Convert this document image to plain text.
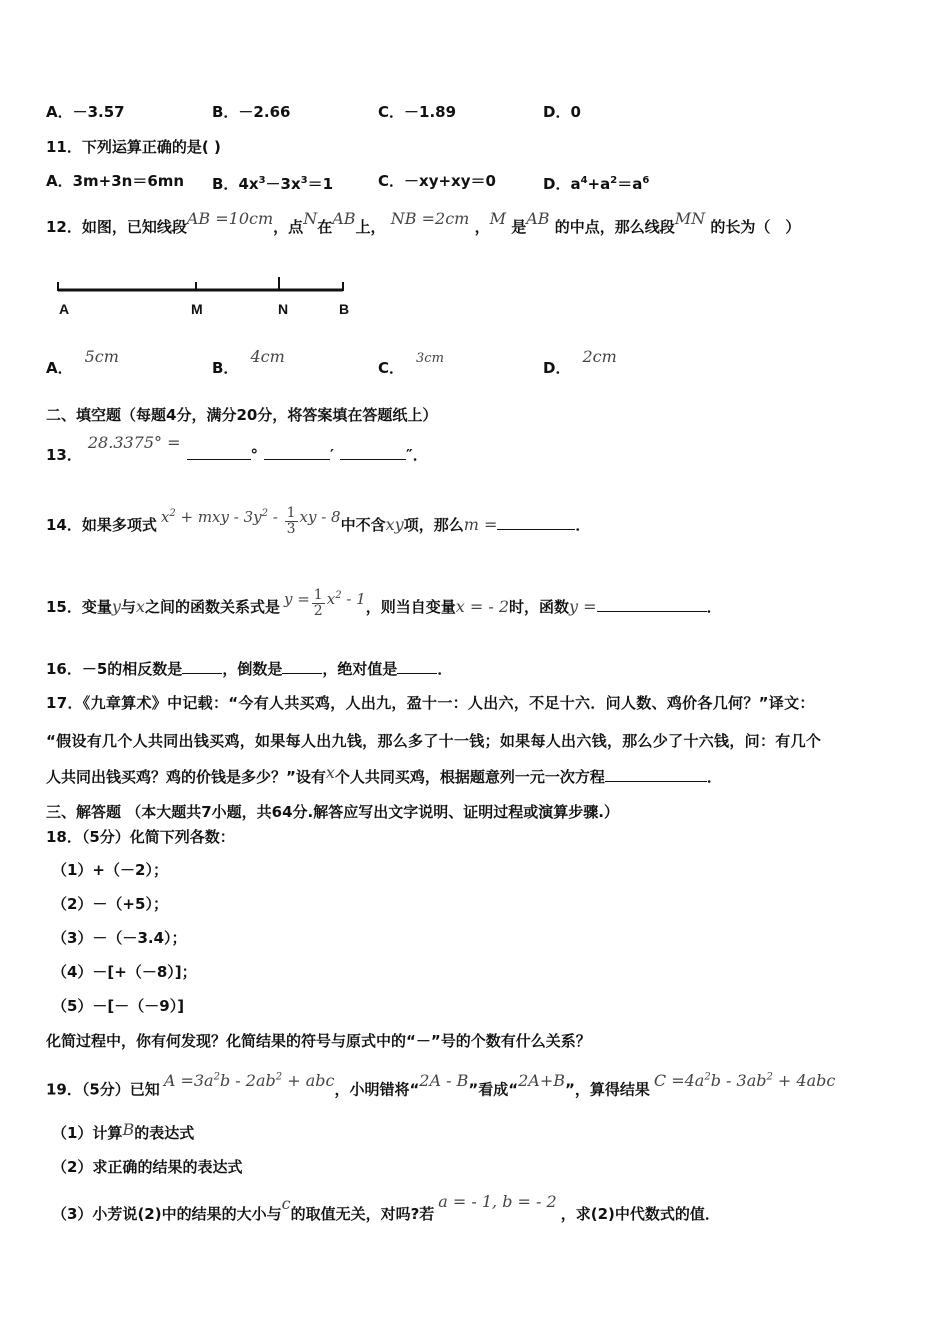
A．－3.57	B．－2.66	C．－1.89	D．0
11．下列运算正确的是( )
A．3m+3n＝6mn B．$4x^3-3x^3=1$	C．－xy+xy＝0	D．$a^4+a^2=a^6$
12．如图，已知线段AB =10cm，点N在AB上， NB =2cm ，M 是AB 的中点，那么线段MN 的长为（　）
A	M	N	B
A．5cm
B．4cm
C．3cm
D．2cm
二、填空题（每题4分，满分20分，将答案填在答题纸上）
13．28.3375° =°	′	″．
14．如果多项式 $x^2$ + mxy - $3y^2 - \frac{1}{3}$ xy - 8中不含xy项，那么m =	．
15．变量y与x之间的函数关系式是 $y = \frac{1}{2} x^2 - 1$，则当自变量x = - 2时，函数y =	．
16．－5的相反数是	，倒数是	，绝对值是	．
17．《九章算术》中记载：“今有人共买鸡，人出九，盈十一：人出六，不足十六．问人数、鸡价各几何？”译文：
“假设有几个人共同出钱买鸡，如果每人出九钱，那么多了十一钱；如果每人出六钱，那么少了十六钱，问：有几个
人共同出钱买鸡？鸡的价钱是多少？”设有x个人共同买鸡，根据题意列一元一次方程	．
三、解答题 （本大题共7小题，共64分.解答应写出文字说明、证明过程或演算步骤.）
18．（5分）化简下列各数：
（1）+（－2）；
（2）－（+5）；
（3）－（－3.4）；
（4）－[+（－8）]；
（5）－[－（－9）]
化简过程中，你有何发现？化简结果的符号与原式中的“－”号的个数有什么关系？
19．（5分）已知 $A =3a^2b - 2ab^2$ + abc，小明错将“2A - B”看成“2A+B”，算得结果 $C =4a^2b - 3ab^2 + 4abc$
（1）计算B的表达式
（2）求正确的结果的表达式
（3）小芳说(2)中的结果的大小与c的取值无关，对吗?若a = - 1, b = - 2，求(2)中代数式的值．
